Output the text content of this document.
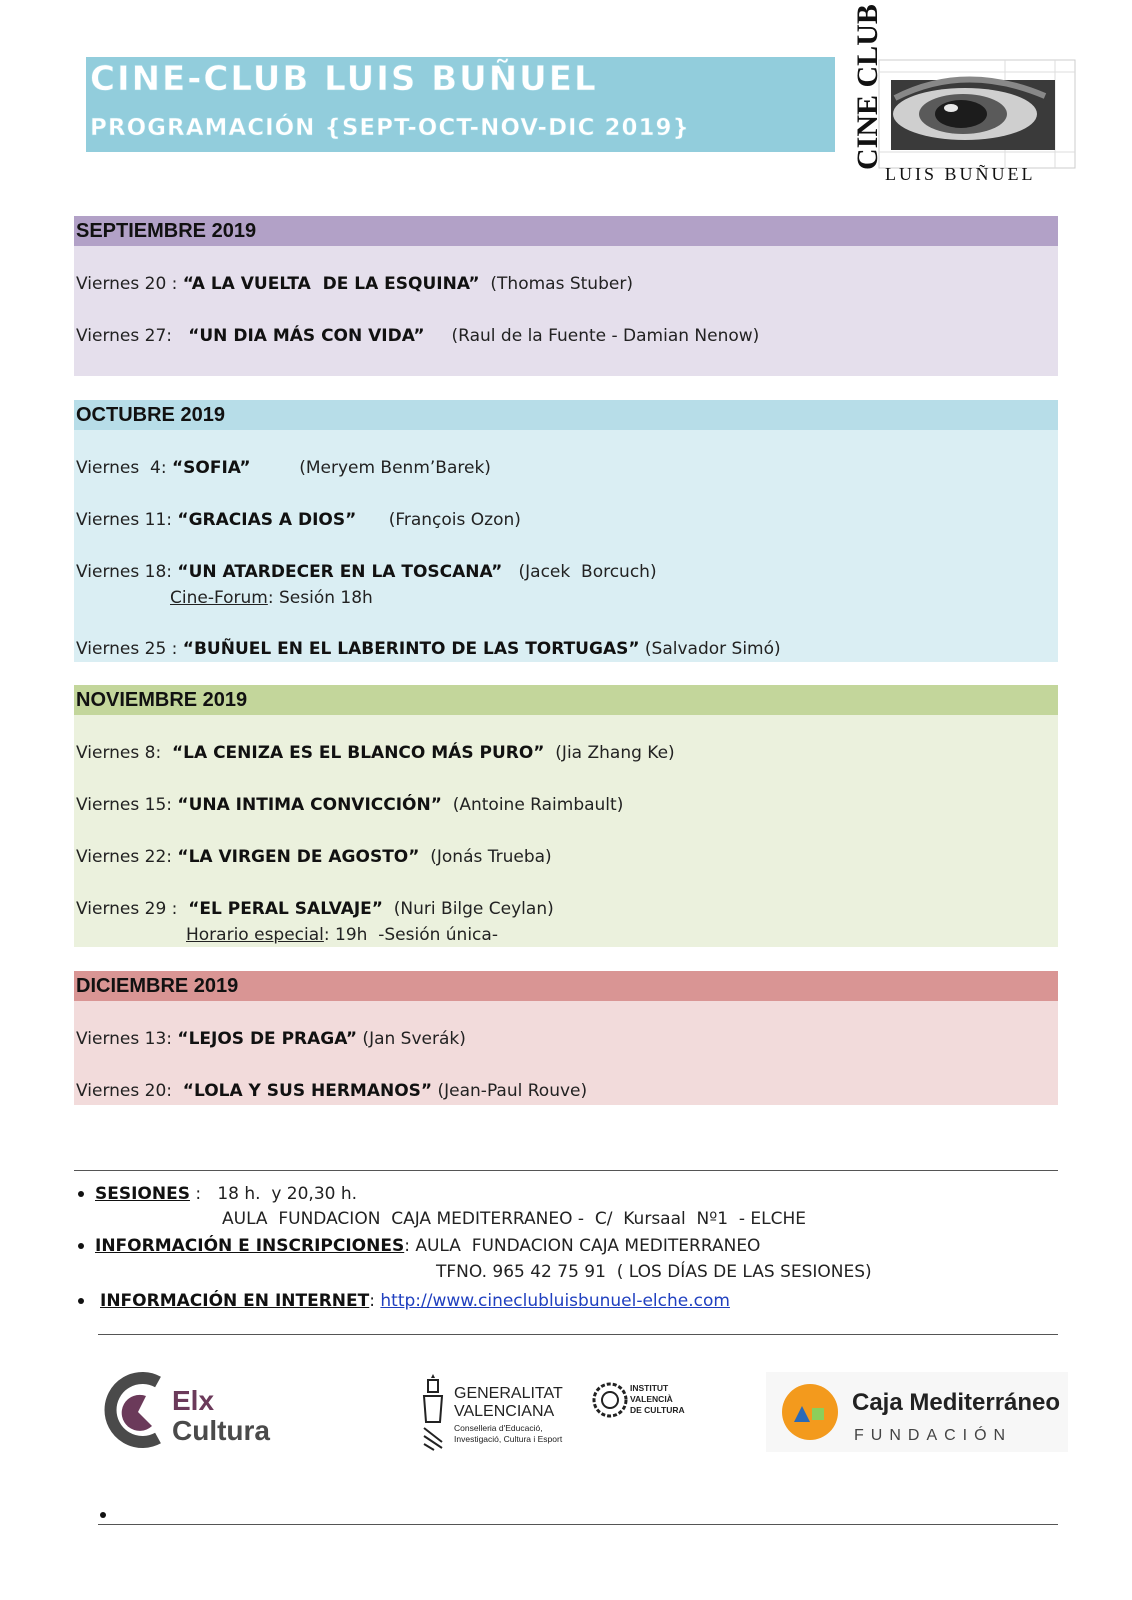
CINE-CLUB LUIS BUÑUEL
PROGRAMACIÓN {SEPT-OCT-NOV-DIC 2019}	CINE CLUB
LUIS BUÑUEL
SEPTIEMBRE 2019
Viernes 20 : “A LA VUELTA  DE LA ESQUINA”  (Thomas Stuber)
Viernes 27:   “UN DIA MÁS CON VIDA”     (Raul de la Fuente - Damian Nenow)
OCTUBRE 2019
Viernes  4: “SOFIA”         (Meryem Benm’Barek)
Viernes 11: “GRACIAS A DIOS”      (François Ozon)
Viernes 18: “UN ATARDECER EN LA TOSCANA”   (Jacek  Borcuch)
Cine-Forum: Sesión 18h
Viernes 25 : “BUÑUEL EN EL LABERINTO DE LAS TORTUGAS” (Salvador Simó)
NOVIEMBRE 2019
Viernes 8:  “LA CENIZA ES EL BLANCO MÁS PURO”  (Jia Zhang Ke)
Viernes 15: “UNA INTIMA CONVICCIÓN”  (Antoine Raimbault)
Viernes 22: “LA VIRGEN DE AGOSTO”  (Jonás Trueba)
Viernes 29 :  “EL PERAL SALVAJE”  (Nuri Bilge Ceylan)
Horario especial: 19h  -Sesión única-
DICIEMBRE 2019
Viernes 13: “LEJOS DE PRAGA” (Jan Sverák)
Viernes 20:  “LOLA Y SUS HERMANOS” (Jean-Paul Rouve)
SESIONES :   18 h.  y 20,30 h.
AULA  FUNDACION  CAJA MEDITERRANEO -  C/  Kursaal  Nº1  - ELCHE
INFORMACIÓN E INSCRIPCIONES: AULA  FUNDACION CAJA MEDITERRANEO
TFNO. 965 42 75 91  ( LOS DÍAS DE LAS SESIONES)
INFORMACIÓN EN INTERNET: http://www.cineclubluisbunuel-elche.com
Elx
Cultura
GENERALITAT
VALENCIANA
Conselleria d'Educació,
Investigació, Cultura i Esport
INSTITUT
VALENCIÀ
DE CULTURA	Caja Mediterráneo
FUNDACIÓN
